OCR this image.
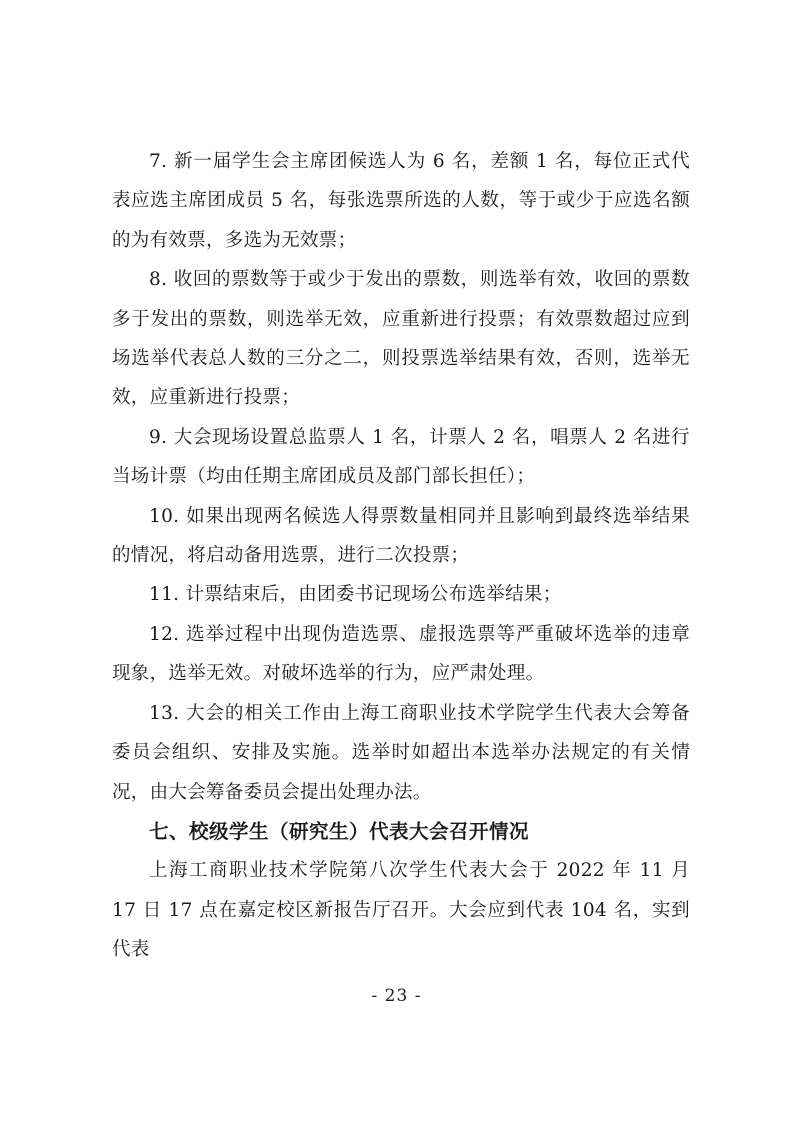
7. 新一届学生会主席团候选人为 6 名，差额 1 名，每位正式代表应选主席团成员 5 名，每张选票所选的人数，等于或少于应选名额的为有效票，多选为无效票；

8. 收回的票数等于或少于发出的票数，则选举有效，收回的票数多于发出的票数，则选举无效，应重新进行投票；有效票数超过应到场选举代表总人数的三分之二，则投票选举结果有效，否则，选举无效，应重新进行投票；

9. 大会现场设置总监票人 1 名，计票人 2 名，唱票人 2 名进行当场计票（均由任期主席团成员及部门部长担任）；

10. 如果出现两名候选人得票数量相同并且影响到最终选举结果的情况，将启动备用选票，进行二次投票；

11. 计票结束后，由团委书记现场公布选举结果；

12. 选举过程中出现伪造选票、虚报选票等严重破坏选举的违章现象，选举无效。对破坏选举的行为，应严肃处理。

13. 大会的相关工作由上海工商职业技术学院学生代表大会筹备委员会组织、安排及实施。选举时如超出本选举办法规定的有关情况，由大会筹备委员会提出处理办法。

七、校级学生（研究生）代表大会召开情况

上海工商职业技术学院第八次学生代表大会于 2022 年 11 月 17 日 17 点在嘉定校区新报告厅召开。大会应到代表 104 名，实到代表

- 23 -
